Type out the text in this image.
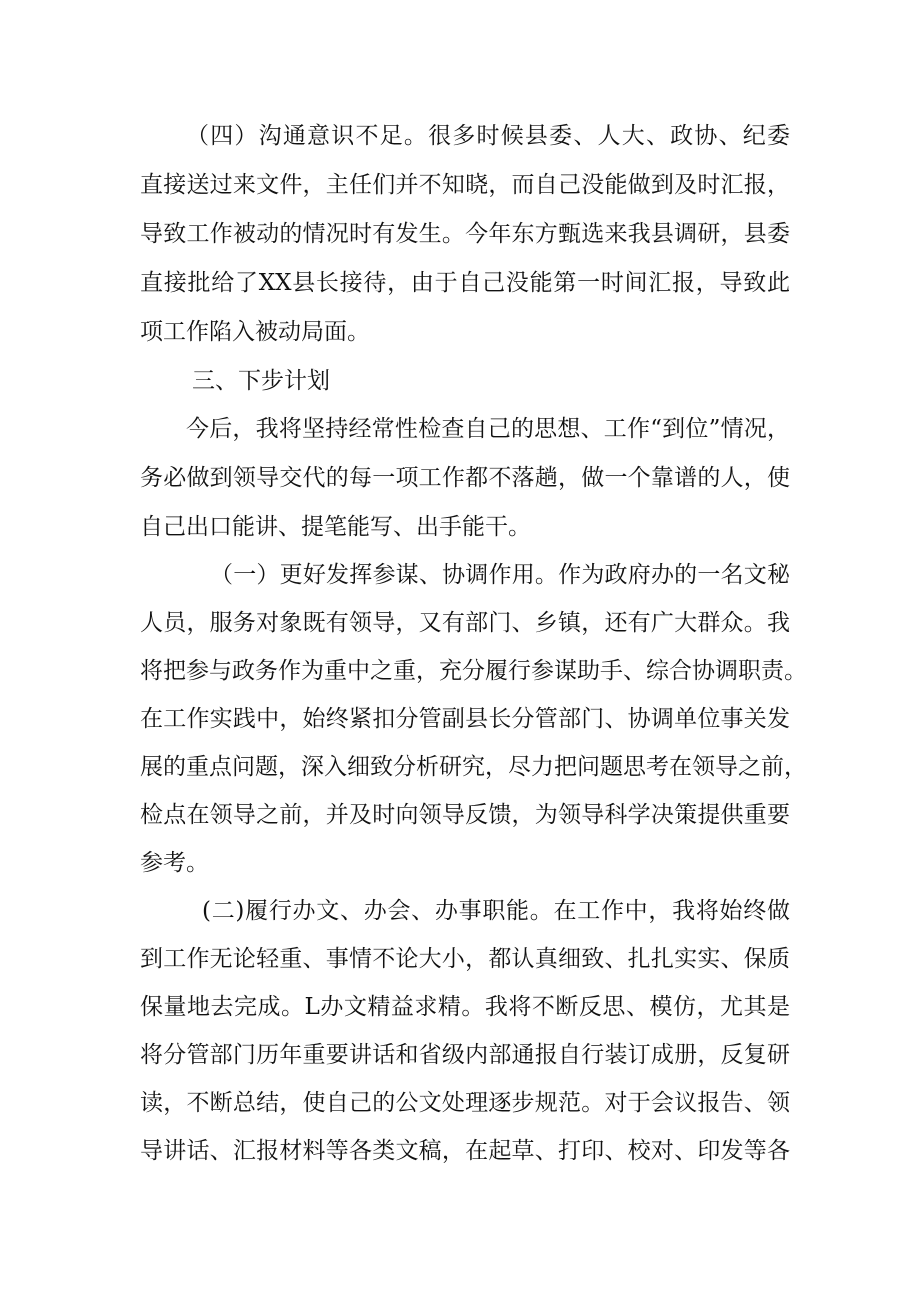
（四）沟通意识不足。很多时候县委、人大、政协、纪委
直接送过来文件，主任们并不知晓，而自己没能做到及时汇报，
导致工作被动的情况时有发生。今年东方甄选来我县调研，县委
直接批给了XX县长接待，由于自己没能第一时间汇报，导致此
项工作陷入被动局面。
三、下步计划
今后，我将坚持经常性检查自己的思想、工作“到位”情况，
务必做到领导交代的每一项工作都不落趟，做一个靠谱的人，使
自己出口能讲、提笔能写、出手能干。
（一）更好发挥参谋、协调作用。作为政府办的一名文秘
人员，服务对象既有领导，又有部门、乡镇，还有广大群众。我
将把参与政务作为重中之重，充分履行参谋助手、综合协调职责。
在工作实践中，始终紧扣分管副县长分管部门、协调单位事关发
展的重点问题，深入细致分析研究，尽力把问题思考在领导之前，
检点在领导之前，并及时向领导反馈，为领导科学决策提供重要
参考。
(二)履行办文、办会、办事职能。在工作中，我将始终做
到工作无论轻重、事情不论大小，都认真细致、扎扎实实、保质
保量地去完成。L办文精益求精。我将不断反思、模仿，尤其是
将分管部门历年重要讲话和省级内部通报自行装订成册，反复研
读，不断总结，使自己的公文处理逐步规范。对于会议报告、领
导讲话、汇报材料等各类文稿，在起草、打印、校对、印发等各
